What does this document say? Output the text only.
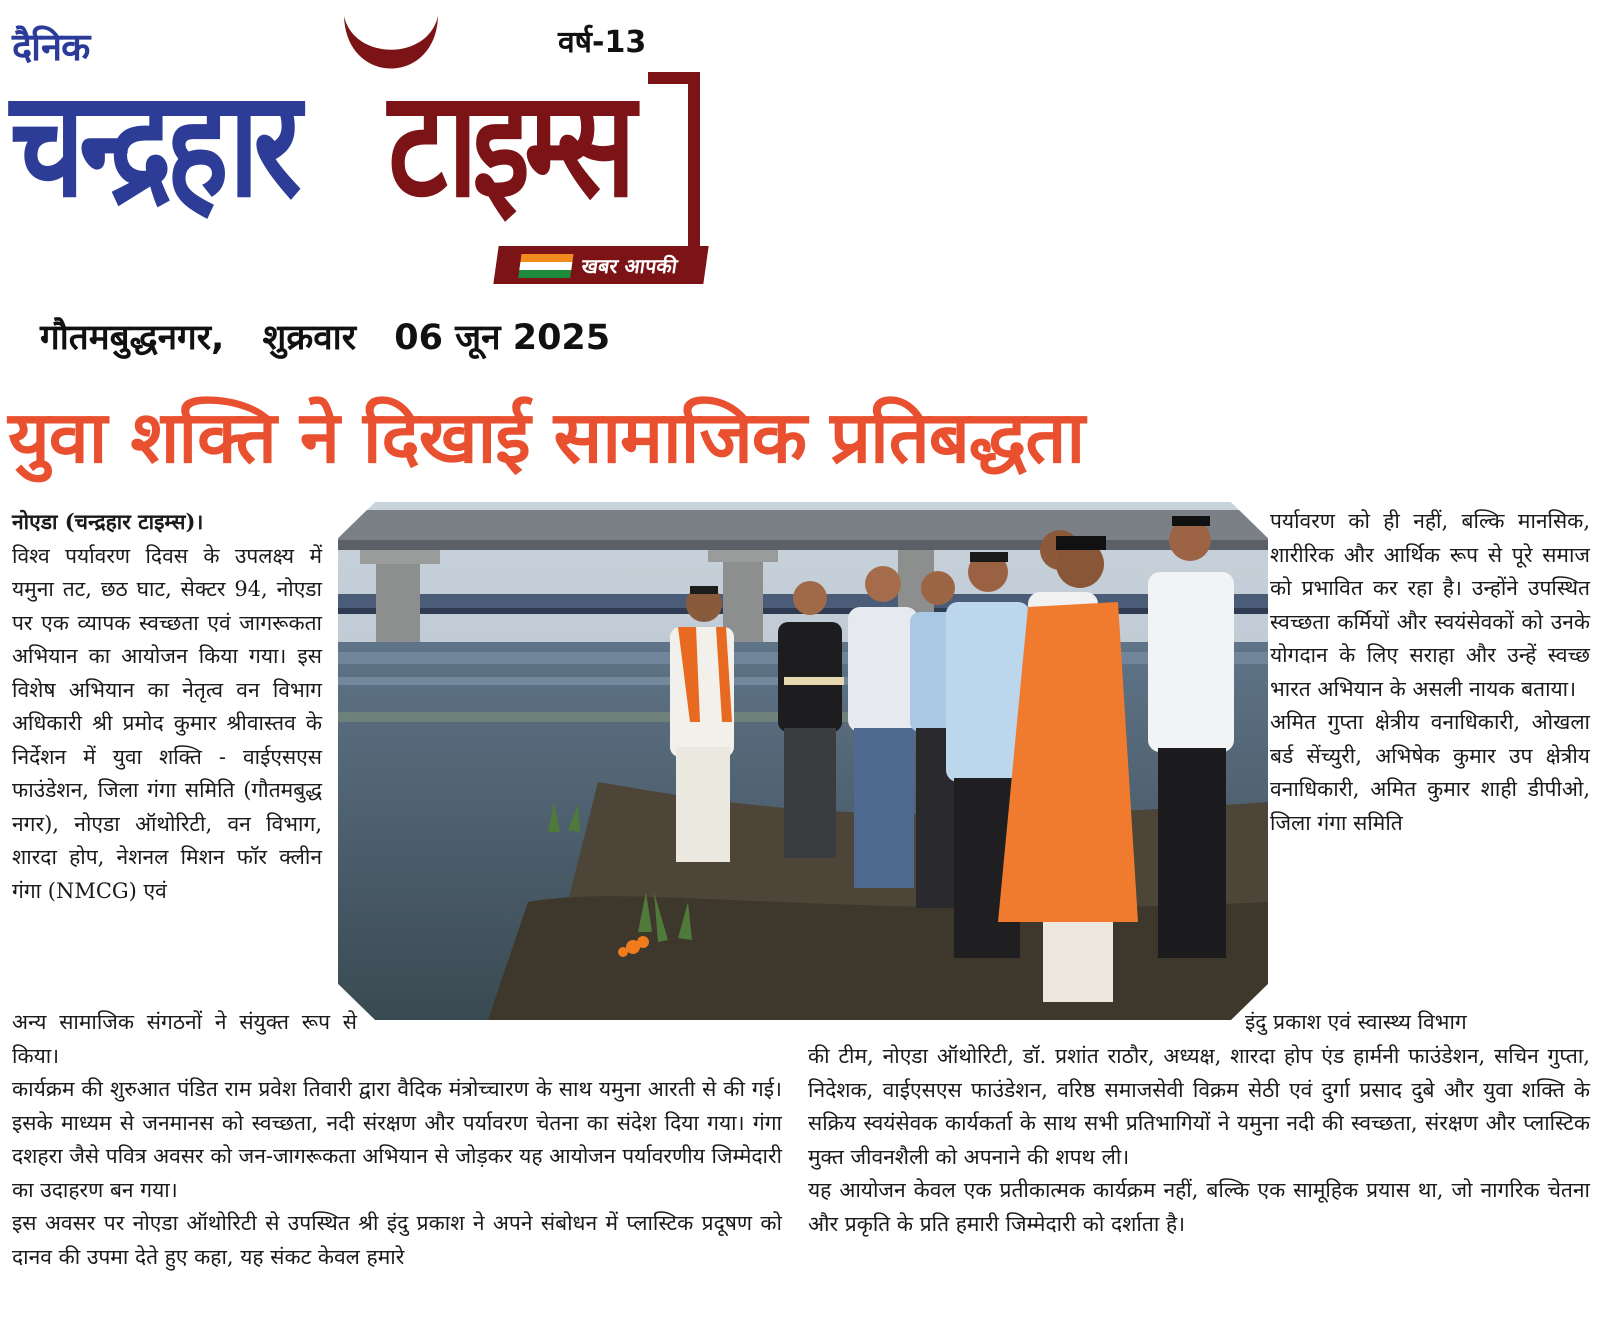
दैनिक	वर्ष-13
चन्द्रहार टाइम्स
खबर आपकी
गौतमबुद्धनगर, शुक्रवार 06 जून 2025
युवा शक्ति ने दिखाई सामाजिक प्रतिबद्धता

नोएडा (चन्द्रहार टाइम्स)।

विश्व पर्यावरण दिवस के उपलक्ष्य में यमुना तट, छठ घाट, सेक्टर 94, नोएडा पर एक व्यापक स्वच्छता एवं जागरूकता अभियान का आयोजन किया गया। इस विशेष अभियान का नेतृत्व वन विभाग अधिकारी श्री प्रमोद कुमार श्रीवास्तव के निर्देशन में युवा शक्ति - वाईएसएस फाउंडेशन, जिला गंगा समिति (गौतमबुद्ध नगर), नोएडा ऑथोरिटी, वन विभाग, शारदा होप, नेशनल मिशन फॉर क्लीन गंगा (NMCG) एवं

अन्य सामाजिक संगठनों ने संयुक्त रूप से किया।

पर्यावरण को ही नहीं, बल्कि मानसिक, शारीरिक और आर्थिक रूप से पूरे समाज को प्रभावित कर रहा है। उन्होंने उपस्थित स्वच्छता कर्मियों और स्वयंसेवकों को उनके योगदान के लिए सराहा और उन्हें स्वच्छ भारत अभियान के असली नायक बताया।

अमित गुप्ता क्षेत्रीय वनाधिकारी, ओखला बर्ड सेंच्युरी, अभिषेक कुमार उप क्षेत्रीय वनाधिकारी, अमित कुमार शाही डीपीओ, जिला गंगा समिति

इंदु प्रकाश एवं स्वास्थ्य विभाग

कार्यक्रम की शुरुआत पंडित राम प्रवेश तिवारी द्वारा वैदिक मंत्रोच्चारण के साथ यमुना आरती से की गई। इसके माध्यम से जनमानस को स्वच्छता, नदी संरक्षण और पर्यावरण चेतना का संदेश दिया गया। गंगा दशहरा जैसे पवित्र अवसर को जन-जागरूकता अभियान से जोड़कर यह आयोजन पर्यावरणीय जिम्मेदारी का उदाहरण बन गया।

इस अवसर पर नोएडा ऑथोरिटी से उपस्थित श्री इंदु प्रकाश ने अपने संबोधन में प्लास्टिक प्रदूषण को दानव की उपमा देते हुए कहा, यह संकट केवल हमारे

की टीम, नोएडा ऑथोरिटी, डॉ. प्रशांत राठौर, अध्यक्ष, शारदा होप एंड हार्मनी फाउंडेशन, सचिन गुप्ता, निदेशक, वाईएसएस फाउंडेशन, वरिष्ठ समाजसेवी विक्रम सेठी एवं दुर्गा प्रसाद दुबे और युवा शक्ति के सक्रिय स्वयंसेवक कार्यकर्ता के साथ सभी प्रतिभागियों ने यमुना नदी की स्वच्छता, संरक्षण और प्लास्टिक मुक्त जीवनशैली को अपनाने की शपथ ली।

यह आयोजन केवल एक प्रतीकात्मक कार्यक्रम नहीं, बल्कि एक सामूहिक प्रयास था, जो नागरिक चेतना और प्रकृति के प्रति हमारी जिम्मेदारी को दर्शाता है।
